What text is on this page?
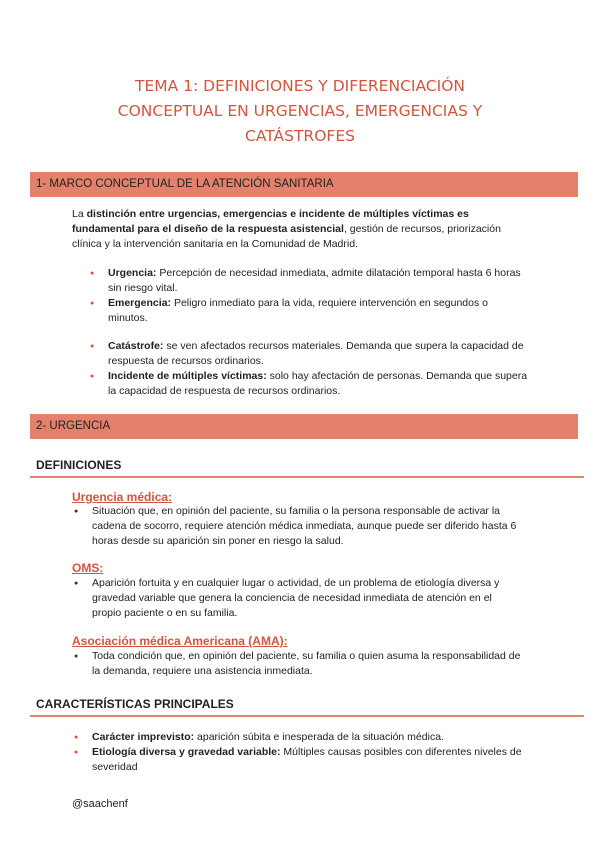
TEMA 1: DEFINICIONES Y DIFERENCIACIÓN
CONCEPTUAL EN URGENCIAS, EMERGENCIAS Y
CATÁSTROFES
1- MARCO CONCEPTUAL DE LA ATENCIÓN SANITARIA
La distinción entre urgencias, emergencias e incidente de múltiples víctimas es fundamental para el diseño de la respuesta asistencial, gestión de recursos, priorización clínica y la intervención sanitaria en la Comunidad de Madrid.
● Urgencia: Percepción de necesidad inmediata, admite dilatación temporal hasta 6 horas sin riesgo vital.
● Emergencia: Peligro inmediato para la vida, requiere intervención en segundos o minutos.
● Catástrofe: se ven afectados recursos materiales. Demanda que supera la capacidad de respuesta de recursos ordinarios.
● Incidente de múltiples víctimas: solo hay afectación de personas. Demanda que supera la capacidad de respuesta de recursos ordinarios.
2- URGENCIA
DEFINICIONES
Urgencia médica:
● Situación que, en opinión del paciente, su familia o la persona responsable de activar la cadena de socorro, requiere atención médica inmediata, aunque puede ser diferido hasta 6 horas desde su aparición sin poner en riesgo la salud.
OMS:
● Aparición fortuita y en cualquier lugar o actividad, de un problema de etiología diversa y gravedad variable que genera la conciencia de necesidad inmediata de atención en el propio paciente o en su familia.
Asociación médica Americana (AMA):
● Toda condición que, en opinión del paciente, su familia o quien asuma la responsabilidad de la demanda, requiere una asistencia inmediata.
CARACTERÍSTICAS PRINCIPALES
● Carácter imprevisto: aparición súbita e inesperada de la situación médica.
● Etiología diversa y gravedad variable: Múltiples causas posibles con diferentes niveles de severidad
@saachenf
